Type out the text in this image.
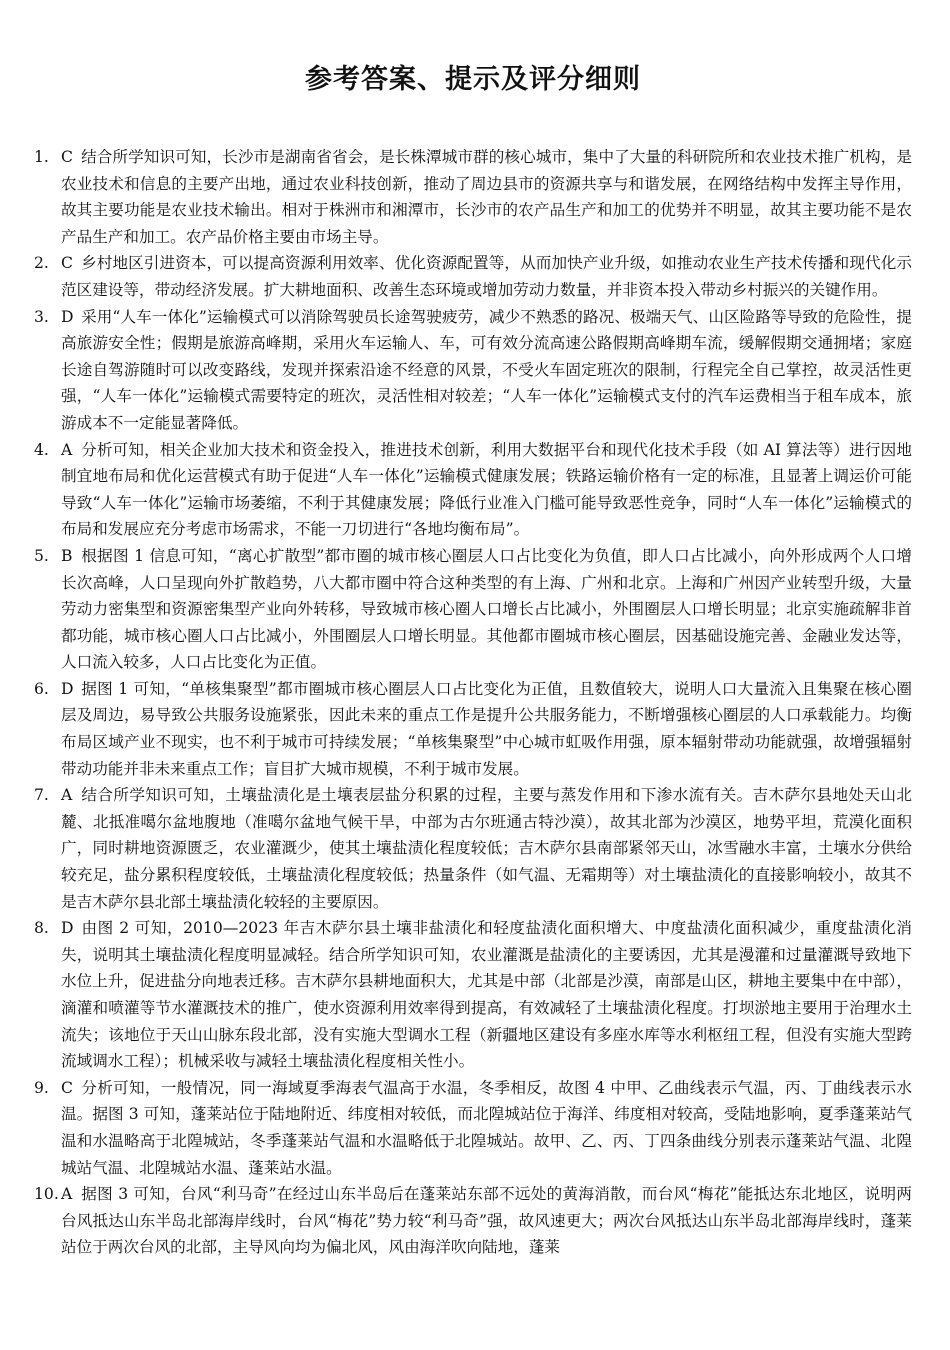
参考答案、提示及评分细则

1. C 结合所学知识可知，长沙市是湖南省省会，是长株潭城市群的核心城市，集中了大量的科研院所和农业技术推广机构，是农业技术和信息的主要产出地，通过农业科技创新，推动了周边县市的资源共享与和谐发展，在网络结构中发挥主导作用，故其主要功能是农业技术输出。相对于株洲市和湘潭市，长沙市的农产品生产和加工的优势并不明显，故其主要功能不是农产品生产和加工。农产品价格主要由市场主导。

2. C 乡村地区引进资本，可以提高资源利用效率、优化资源配置等，从而加快产业升级，如推动农业生产技术传播和现代化示范区建设等，带动经济发展。扩大耕地面积、改善生态环境或增加劳动力数量，并非资本投入带动乡村振兴的关键作用。

3. D 采用“人车一体化”运输模式可以消除驾驶员长途驾驶疲劳，减少不熟悉的路况、极端天气、山区险路等导致的危险性，提高旅游安全性；假期是旅游高峰期，采用火车运输人、车，可有效分流高速公路假期高峰期车流，缓解假期交通拥堵；家庭长途自驾游随时可以改变路线，发现并探索沿途不经意的风景，不受火车固定班次的限制，行程完全自己掌控，故灵活性更强，“人车一体化”运输模式需要特定的班次，灵活性相对较差；“人车一体化”运输模式支付的汽车运费相当于租车成本，旅游成本不一定能显著降低。

4. A 分析可知，相关企业加大技术和资金投入，推进技术创新，利用大数据平台和现代化技术手段（如 AI 算法等）进行因地制宜地布局和优化运营模式有助于促进“人车一体化”运输模式健康发展；铁路运输价格有一定的标准，且显著上调运价可能导致“人车一体化”运输市场萎缩，不利于其健康发展；降低行业准入门槛可能导致恶性竞争，同时“人车一体化”运输模式的布局和发展应充分考虑市场需求，不能一刀切进行“各地均衡布局”。

5. B 根据图 1 信息可知，“离心扩散型”都市圈的城市核心圈层人口占比变化为负值，即人口占比减小，向外形成两个人口增长次高峰，人口呈现向外扩散趋势，八大都市圈中符合这种类型的有上海、广州和北京。上海和广州因产业转型升级，大量劳动力密集型和资源密集型产业向外转移，导致城市核心圈人口增长占比减小，外围圈层人口增长明显；北京实施疏解非首都功能，城市核心圈人口占比减小，外围圈层人口增长明显。其他都市圈城市核心圈层，因基础设施完善、金融业发达等，人口流入较多，人口占比变化为正值。

6. D 据图 1 可知，“单核集聚型”都市圈城市核心圈层人口占比变化为正值，且数值较大，说明人口大量流入且集聚在核心圈层及周边，易导致公共服务设施紧张，因此未来的重点工作是提升公共服务能力，不断增强核心圈层的人口承载能力。均衡布局区域产业不现实，也不利于城市可持续发展；“单核集聚型”中心城市虹吸作用强，原本辐射带动功能就强，故增强辐射带动功能并非未来重点工作；盲目扩大城市规模，不利于城市发展。

7. A 结合所学知识可知，土壤盐渍化是土壤表层盐分积累的过程，主要与蒸发作用和下渗水流有关。吉木萨尔县地处天山北麓、北抵准噶尔盆地腹地（准噶尔盆地气候干旱，中部为古尔班通古特沙漠），故其北部为沙漠区，地势平坦，荒漠化面积广，同时耕地资源匮乏，农业灌溉少，使其土壤盐渍化程度较低；吉木萨尔县南部紧邻天山，冰雪融水丰富，土壤水分供给较充足，盐分累积程度较低，土壤盐渍化程度较低；热量条件（如气温、无霜期等）对土壤盐渍化的直接影响较小，故其不是吉木萨尔县北部土壤盐渍化较轻的主要原因。

8. D 由图 2 可知，2010—2023 年吉木萨尔县土壤非盐渍化和轻度盐渍化面积增大、中度盐渍化面积减少，重度盐渍化消失，说明其土壤盐渍化程度明显减轻。结合所学知识可知，农业灌溉是盐渍化的主要诱因，尤其是漫灌和过量灌溉导致地下水位上升，促进盐分向地表迁移。吉木萨尔县耕地面积大，尤其是中部（北部是沙漠，南部是山区，耕地主要集中在中部），滴灌和喷灌等节水灌溉技术的推广，使水资源利用效率得到提高，有效减轻了土壤盐渍化程度。打坝淤地主要用于治理水土流失；该地位于天山山脉东段北部，没有实施大型调水工程（新疆地区建设有多座水库等水利枢纽工程，但没有实施大型跨流域调水工程）；机械采收与减轻土壤盐渍化程度相关性小。

9. C 分析可知，一般情况，同一海域夏季海表气温高于水温，冬季相反，故图 4 中甲、乙曲线表示气温，丙、丁曲线表示水温。据图 3 可知，蓬莱站位于陆地附近、纬度相对较低，而北隍城站位于海洋、纬度相对较高，受陆地影响，夏季蓬莱站气温和水温略高于北隍城站，冬季蓬莱站气温和水温略低于北隍城站。故甲、乙、丙、丁四条曲线分别表示蓬莱站气温、北隍城站气温、北隍城站水温、蓬莱站水温。

10. A 据图 3 可知，台风“利马奇”在经过山东半岛后在蓬莱站东部不远处的黄海消散，而台风“梅花”能抵达东北地区，说明两台风抵达山东半岛北部海岸线时，台风“梅花”势力较“利马奇”强，故风速更大；两次台风抵达山东半岛北部海岸线时，蓬莱站位于两次台风的北部，主导风向均为偏北风，风由海洋吹向陆地，蓬莱
